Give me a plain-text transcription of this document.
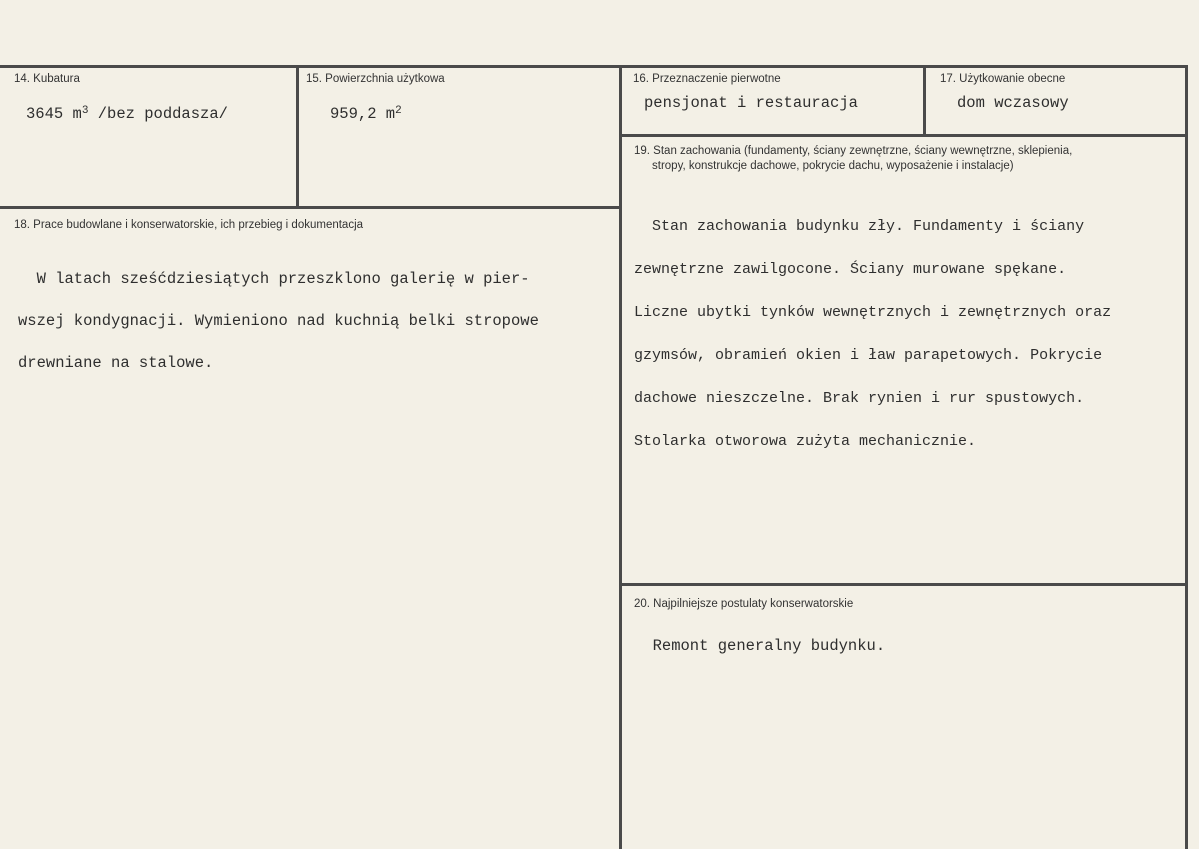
14. Kubatura
3645 $m^3$ /bez poddasza/
15. Powierzchnia użytkowa
959,2 $m^2$
16. Przeznaczenie pierwotne
pensjonat i restauracja
17. Użytkowanie obecne
dom wczasowy
18. Prace budowlane i konserwatorskie, ich przebieg i dokumentacja

W latach sześćdziesiątych przeszklono galerię w pier-

wszej kondygnacji. Wymieniono nad kuchnią belki stropowe

drewniane na stalowe.

19. Stan zachowania (fundamenty, ściany zewnętrzne, ściany wewnętrzne, sklepienia,
stropy, konstrukcje dachowe, pokrycie dachu, wyposażenie i instalacje)

Stan zachowania budynku zły. Fundamenty i ściany

zewnętrzne zawilgocone. Ściany murowane spękane.

Liczne ubytki tynków wewnętrznych i zewnętrznych oraz

gzymsów, obramień okien i ław parapetowych. Pokrycie

dachowe nieszczelne. Brak rynien i rur spustowych.

Stolarka otworowa zużyta mechanicznie.

20. Najpilniejsze postulaty konserwatorskie
Remont generalny budynku.
